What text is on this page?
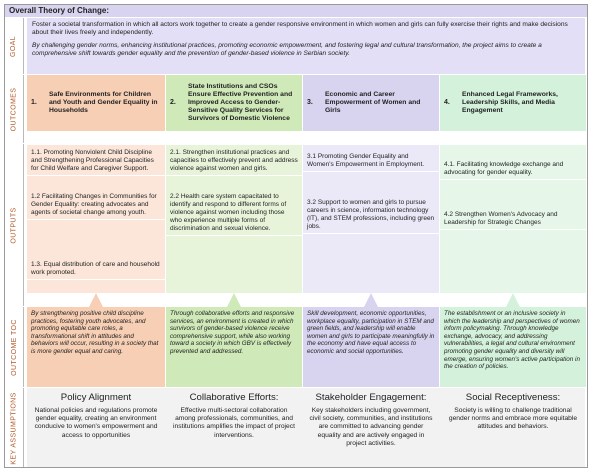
Overall Theory of Change:
GOAL
OUTCOMES
OUTPUTS
OUTCOME TOC
KEY ASSUMPTIONS

Foster a societal transformation in which all actors work together to create a gender responsive environment in which women and girls can fully exercise their rights and make decisions about their lives freely and independently.

By challenging gender norms, enhancing institutional practices, promoting economic empowerment, and fostering legal and cultural transformation, the project aims to create a comprehensive shift towards gender equality and the prevention of gender-based violence in Serbian society.

1.
Safe Environments for Children and Youth and Gender Equality in Households
2.
State Institutions and CSOs Ensure Effective Prevention and Improved Access to Gender-Sensitive Quality Services for Survivors of Domestic Violence
3.
Economic and Career Empowerment of Women and Girls
4.
Enhanced Legal Frameworks, Leadership Skills, and Media Engagement
1.1. Promoting Nonviolent Child Discipline and Strengthening Professional Capacities for Child Welfare and Caregiver Support.
1.2 Facilitating Changes in Communities for Gender Equality: creating advocates and agents of societal change among youth.
1.3. Equal distribution of care and household work promoted.
2.1. Strengthen institutional practices and capacities to effectively prevent and address violence against women and girls.
2.2 Health care system capacitated to identify and respond to different forms of violence against women including those who experience multiple forms of discrimination and sexual violence.
3.1 Promoting Gender Equality and Women's Empowerment in Employment.
3.2 Support to women and girls to pursue careers in science, information technology (IT), and STEM professions, including green jobs.
4.1. Facilitating knowledge exchange and advocating for gender equality.
4.2 Strengthen Women's Advocacy and Leadership for Strategic Changes
By strengthening positive child discipline practices, fostering youth advocates, and promoting equitable care roles, a transformational shift in attitudes and behaviors will occur, resulting in a society that is more gender equal and caring.
Through collaborative efforts and responsive services, an environment is created in which survivors of gender-based violence receive comprehensive support, while also working toward a society in which GBV is effectively prevented and addressed.
Skill development, economic opportunities, workplace equality, participation in STEM and green fields, and leadership will enable women and girls to participate meaningfully in the economy and have equal access to economic and social opportunities.
The establishment or an inclusive society in which the leadership and perspectives of women inform policymaking. Through knowledge exchange, advocacy, and addressing vulnerabilities, a legal and cultural environment promoting gender equality and diversity will emerge, ensuring women's active participation in the creation of policies.
Policy Alignment

National policies and regulations promote gender equality, creating an environment conducive to women's empowerment and access to opportunities

Collaborative Efforts:

Effective multi-sectoral collaboration among professionals, communities, and institutions amplifies the impact of project interventions.

Stakeholder Engagement:

Key stakeholders including government, civil society, communities, and institutions are committed to advancing gender equality and are actively engaged in project activities.

Social Receptiveness:

Society is willing to challenge traditional gender norms and embrace more equitable attitudes and behaviors.
